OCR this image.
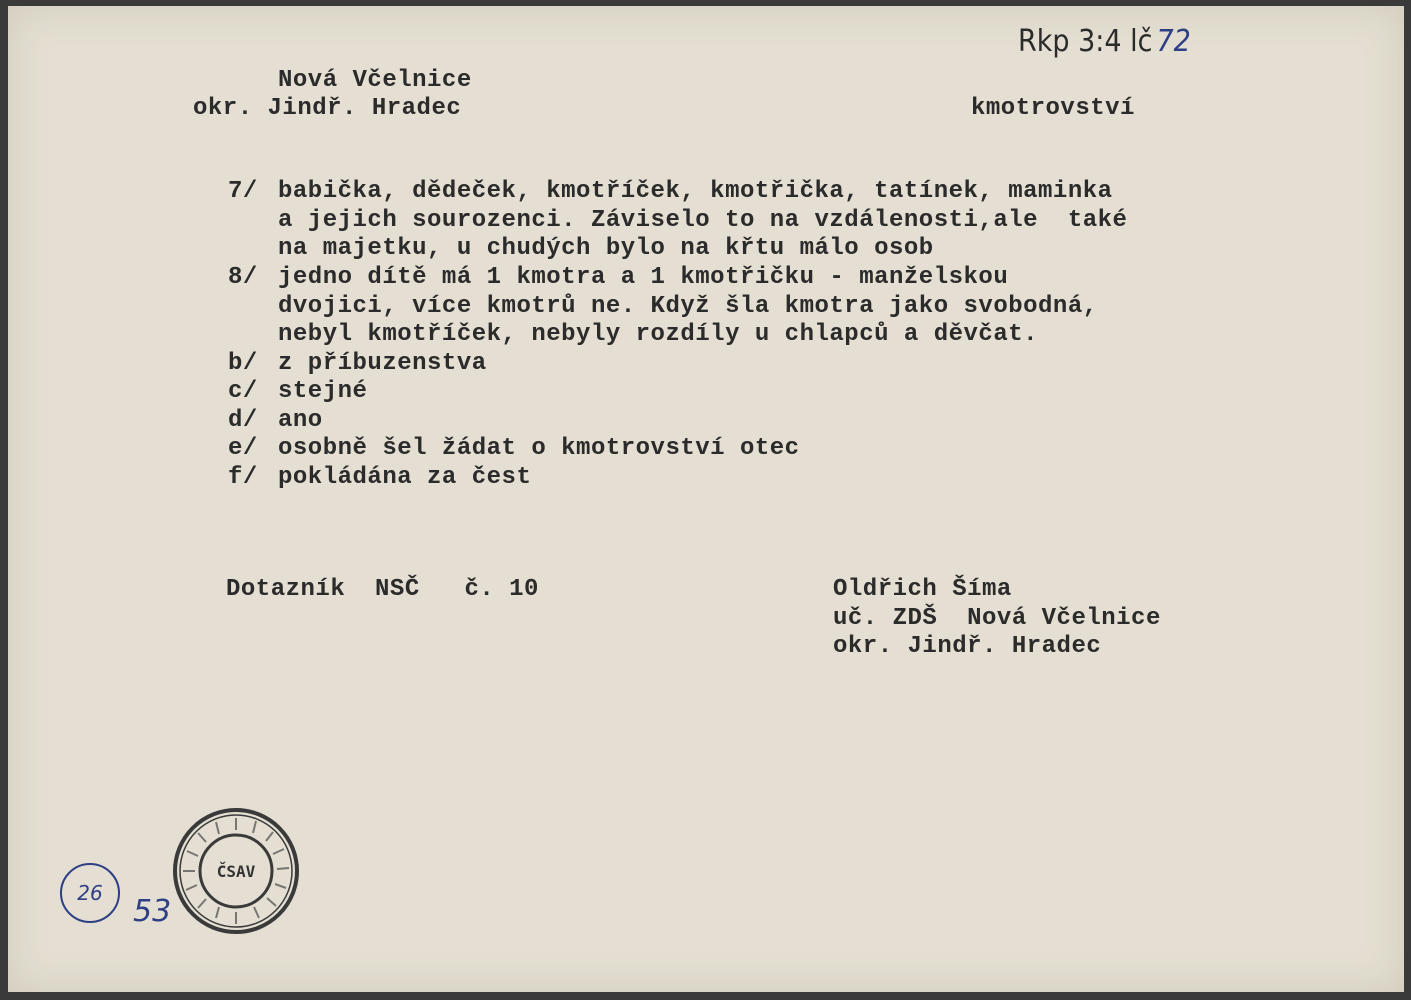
Rkp 3:4 lč 72
Nová Včelnice
okr. Jindř. Hradec	kmotrovství
7/ babička, dědeček, kmotříček, kmotřička, tatínek, maminka
a jejich sourozenci. Záviselo to na vzdálenosti,ale  také
na majetku, u chudých bylo na křtu málo osob
8/ jedno dítě má 1 kmotra a 1 kmotřičku - manželskou
dvojici, více kmotrů ne. Když šla kmotra jako svobodná,
nebyl kmotříček, nebyly rozdíly u chlapců a děvčat.
b/ z příbuzenstva
c/ stejné
d/ ano
e/ osobně šel žádat o kmotrovství otec
f/ pokládána za čest
Dotazník  NSČ   č. 10	Oldřich Šíma
uč. ZDŠ  Nová Včelnice
okr. Jindř. Hradec
ČSAV
26
53
